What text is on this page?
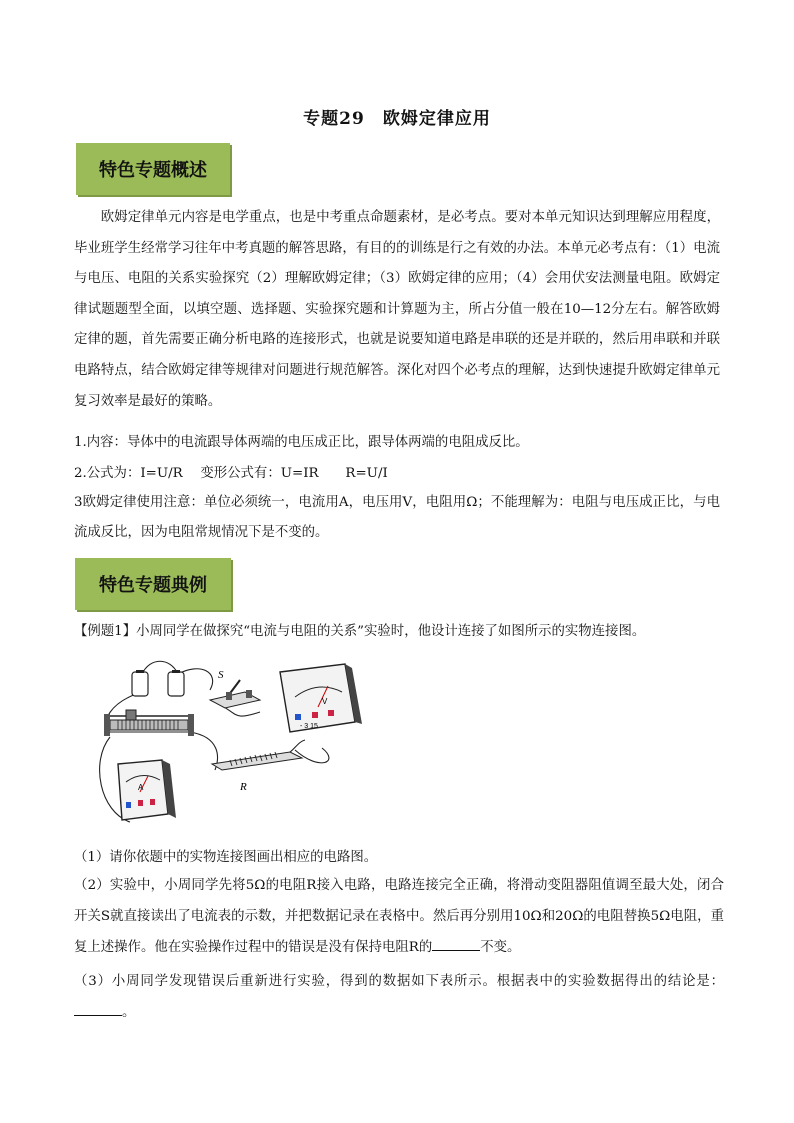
专题29　欧姆定律应用
特色专题概述
欧姆定律单元内容是电学重点，也是中考重点命题素材，是必考点。要对本单元知识达到理解应用程度，毕业班学生经常学习往年中考真题的解答思路，有目的的训练是行之有效的办法。本单元必考点有：（1）电流与电压、电阻的关系实验探究（2）理解欧姆定律；（3）欧姆定律的应用；（4）会用伏安法测量电阻。欧姆定律试题题型全面，以填空题、选择题、实验探究题和计算题为主，所占分值一般在10—12分左右。解答欧姆定律的题，首先需要正确分析电路的连接形式，也就是说要知道电路是串联的还是并联的，然后用串联和并联电路特点，结合欧姆定律等规律对问题进行规范解答。深化对四个必考点的理解，达到快速提升欧姆定律单元复习效率是最好的策略。
1.内容：导体中的电流跟导体两端的电压成正比，跟导体两端的电阻成反比。
2.公式为：I=U/R　 变形公式有：U=IR　　R=U/I
3欧姆定律使用注意：单位必须统一，电流用A，电压用V，电阻用Ω；不能理解为：电阻与电压成正比，与电流成反比，因为电阻常规情况下是不变的。
特色专题典例
【例题1】小周同学在做探究“电流与电阻的关系”实验时，他设计连接了如图所示的实物连接图。
S
V
- 3 15
R
A
（1）请你依题中的实物连接图画出相应的电路图。
（2）实验中，小周同学先将5Ω的电阻R接入电路，电路连接完全正确，将滑动变阻器阻值调至最大处，闭合开关S就直接读出了电流表的示数，并把数据记录在表格中。然后再分别用10Ω和20Ω的电阻替换5Ω电阻，重复上述操作。他在实验操作过程中的错误是没有保持电阻R的	不变。
（3）小周同学发现错误后重新进行实验，得到的数据如下表所示。根据表中的实验数据得出的结论是：。
